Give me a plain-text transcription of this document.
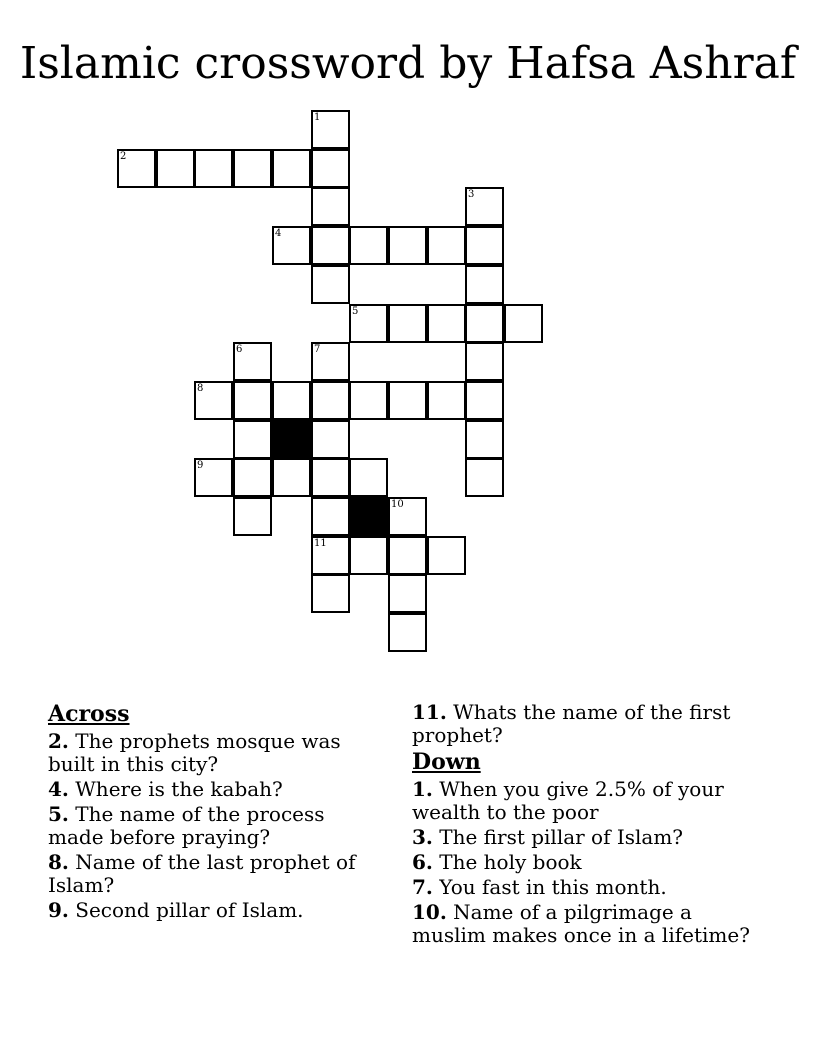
Islamic crossword by Hafsa Ashraf
1
2
3
4
5
6	7
8
9
10
11
Across
2. The prophets mosque was
built in this city?
4. Where is the kabah?
5. The name of the process
made before praying?
8. Name of the last prophet of
Islam?
9. Second pillar of Islam.
11. Whats the name of the first
prophet?
Down
1. When you give 2.5% of your
wealth to the poor
3. The first pillar of Islam?
6. The holy book
7. You fast in this month.
10. Name of a pilgrimage a
muslim makes once in a lifetime?
